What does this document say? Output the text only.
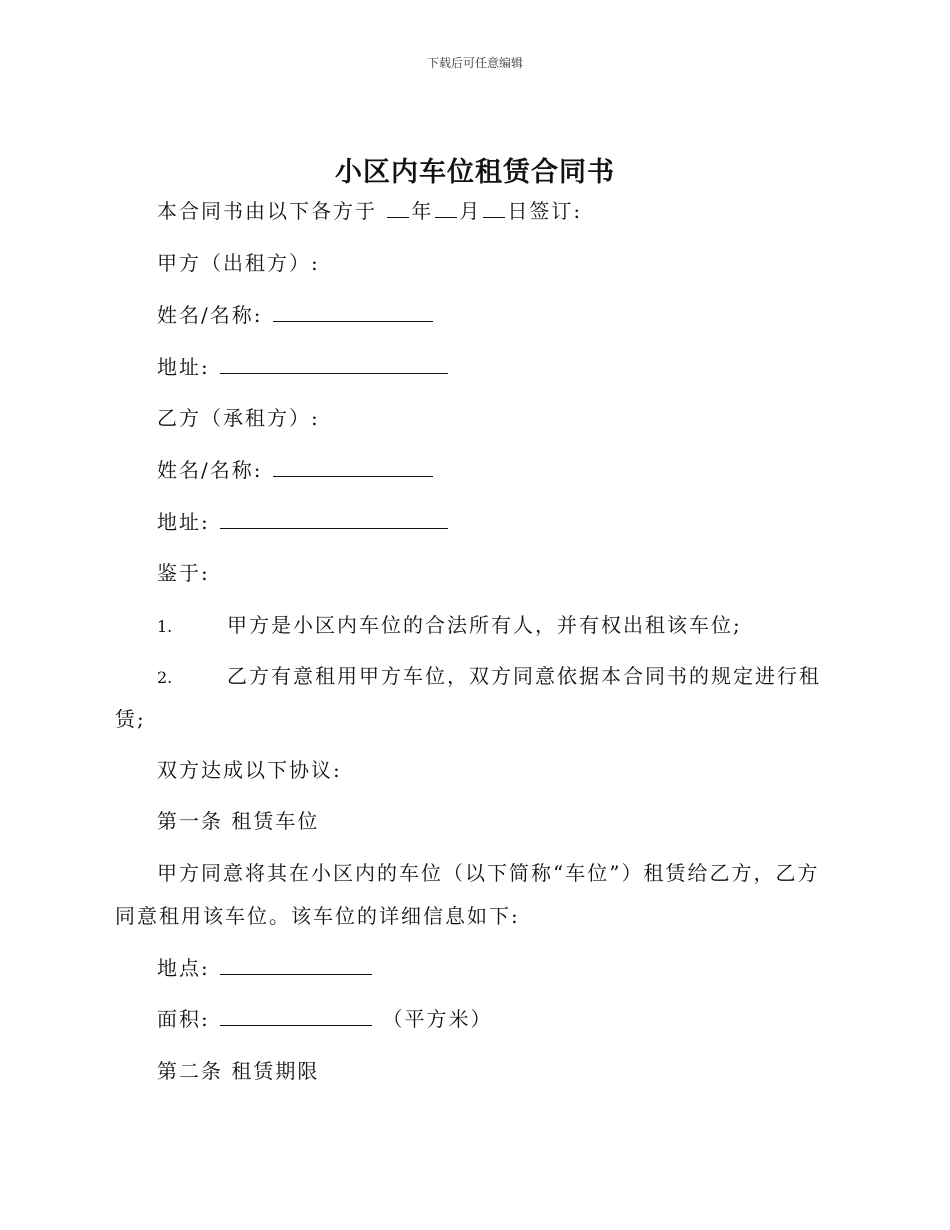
下载后可任意编辑
小区内车位租赁合同书
本合同书由以下各方于 年 月 日签订:
甲方（出租方）:
姓名/名称:
地址:
乙方（承租方）:
姓名/名称:
地址:
鉴于:
1.	甲方是小区内车位的合法所有人，并有权出租该车位;
2.	乙方有意租用甲方车位，双方同意依据本合同书的规定进行租
赁;
双方达成以下协议:
第一条 租赁车位
甲方同意将其在小区内的车位（以下简称“车位”）租赁给乙方，乙方
同意租用该车位。该车位的详细信息如下:
地点:
面积:	（平方米）
第二条 租赁期限
